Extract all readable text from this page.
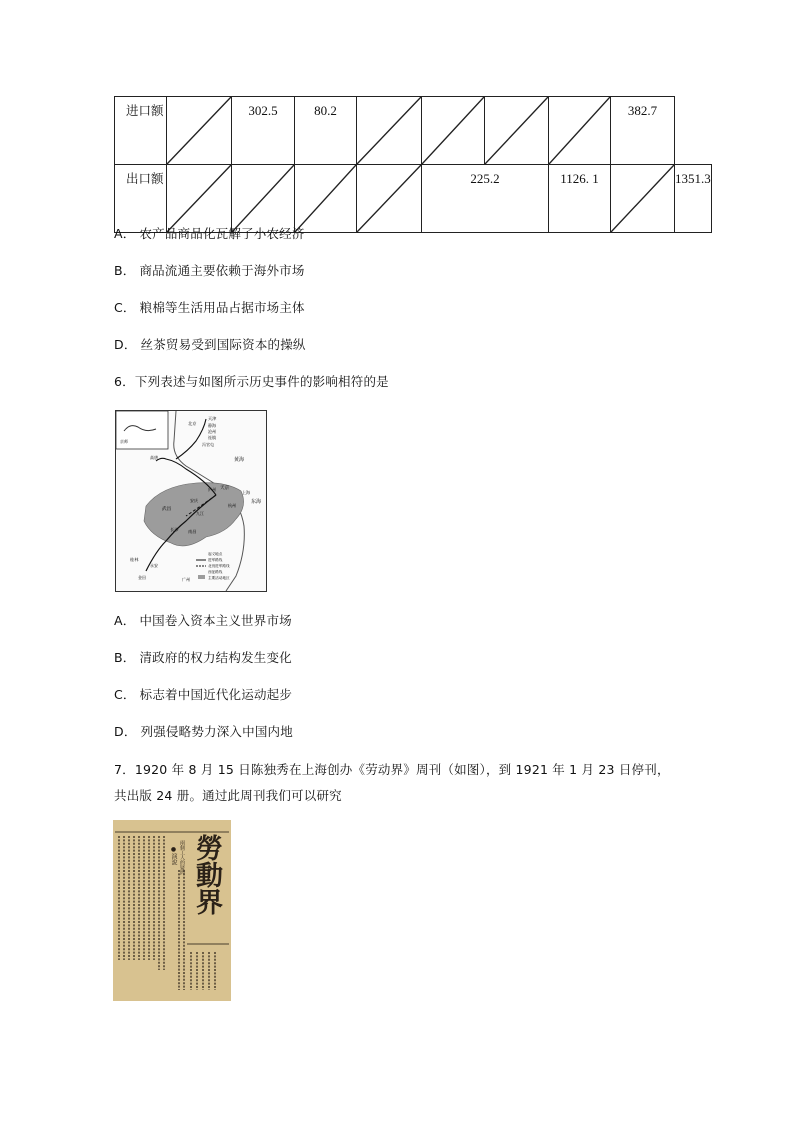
进口额		302.5	80.2					382.7	
出口额					225.2		1126. 1		1351.3
A． 农产品商品化瓦解了小农经济
B． 商品流通主要依赖于海外市场
C． 粮棉等生活用品占据市场主体
D． 丝茶贸易受到国际资本的操纵
6．下列表述与如图所示历史事件的影响相符的是
京师
天津
北京	静海
沧州
连镇
冯官屯
高唐	黄海
东海
天京
上海
杭州
庐州
安庆
九江
武昌
长沙 南昌
桂林
永安
金田	广州
起义地点
进军路线
北伐进军路线
西征路线
主要活动地区
A． 中国卷入资本主义世界市场
B． 清政府的权力结构发生变化
C． 标志着中国近代化运动起步
D． 列强侵略势力深入中国内地
7．1920 年 8 月 15 日陈独秀在上海创办《劳动界》周刊（如图），到 1921 年 1 月 23 日停刊，
共出版 24 册。通过此周刊我们可以研究
勞動界
●演說 兩個工人的疑問
